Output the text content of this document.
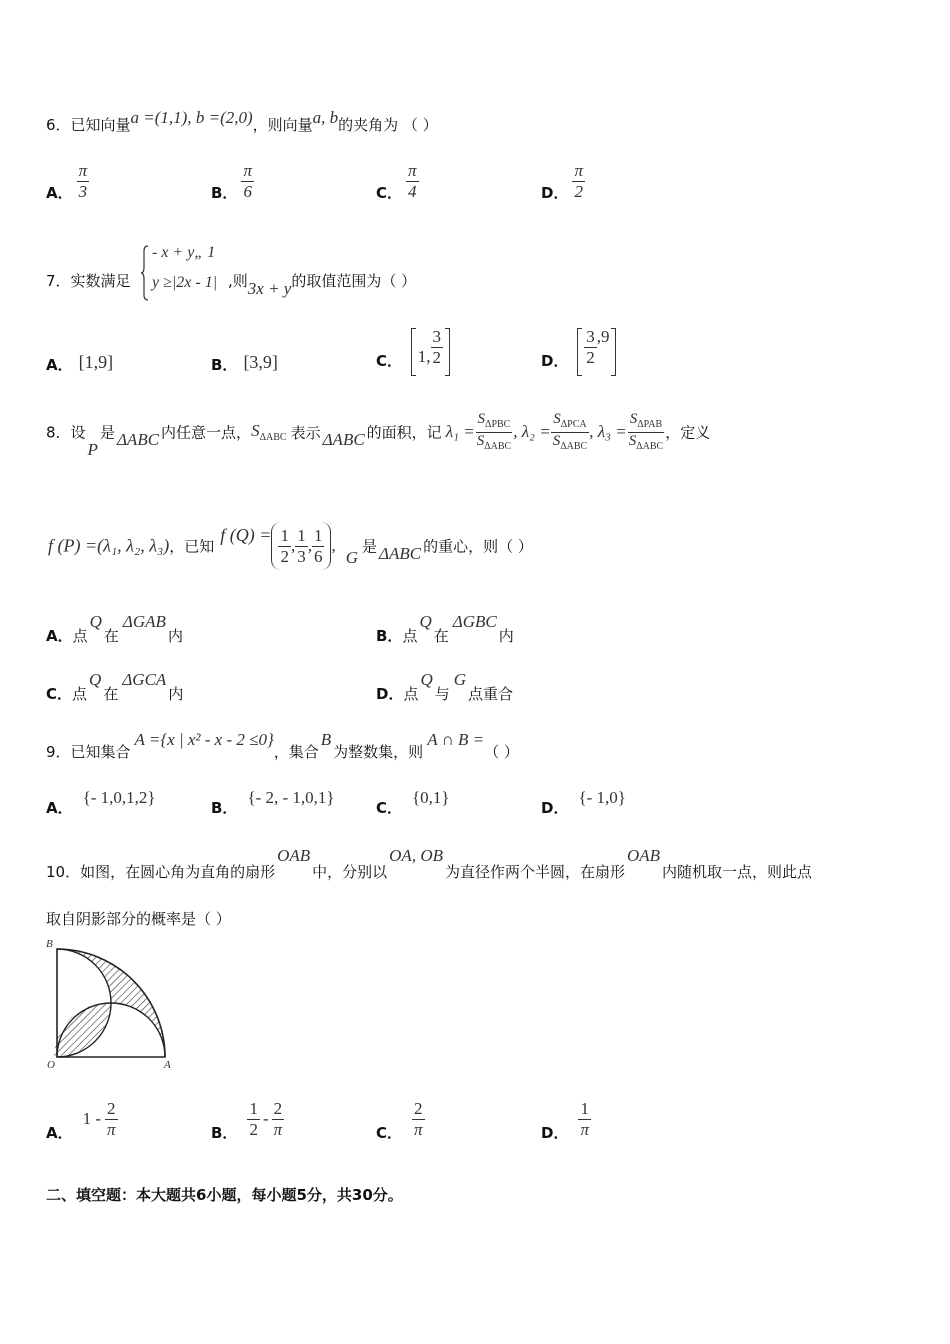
6．已知向量a =(1,1), b =(2,0)，则向量a, b的夹角为 （ ）
A． $\frac{\pi}{3}$	B． $\frac{\pi}{6}$	C． $\frac{\pi}{4}$	D． $\frac{\pi}{2}$
7．实数满足
- x + y„ 1
y ≥|2x - 1| ,则3x + y的取值范围为（ ）
A． [1,9]	B． [3,9]	C． 1, $\frac{3}{2}$	D． $\frac{3}{2} ,9$
8．设P是 ΔABC 内任意一点，$S_{\Delta ABC}$ 表示 ΔABC 的面积，记 $\lambda_1 = \frac{S_{\Delta PBC}}{S_{\Delta ABC}}$ , $\lambda_2 = \frac{S_{\Delta PCA}}{S_{\Delta ABC}}$ , $\lambda_3 = \frac{S_{\Delta PAB}}{S_{\Delta ABC}}$ ，定义
f (P) =(λ₁, λ₂, λ₃)，已知f $(Q) = \frac{1}{2}$ , $\frac{1}{3}$ , $\frac{1}{6} ,G$是 ΔABC 的重心，则（ ）
A．点Q在ΔGAB内	B．点Q在ΔGBC内
C．点Q在ΔGCA内	D．点Q与G点重合
9．已知集合A ={x | x² - x - 2 ≤0}，集合B为整数集，则A ∩ B =（ ）
A．{- 1,0,1,2}
B．{- 2, - 1,0,1}
C．{0,1}
D．{- 1,0}
10．如图，在圆心角为直角的扇形OAB中，分别以OA, OB为直径作两个半圆，在扇形OAB内随机取一点，则此点
取自阴影部分的概率是（ ）
B
O	A
A．$1 - \frac{2}{\pi}$	B． $\frac{1}{2} - \frac{2}{\pi}$	C． $\frac{2}{\pi}$	D． $\frac{1}{\pi}$
二、填空题：本大题共6小题，每小题5分，共30分。
